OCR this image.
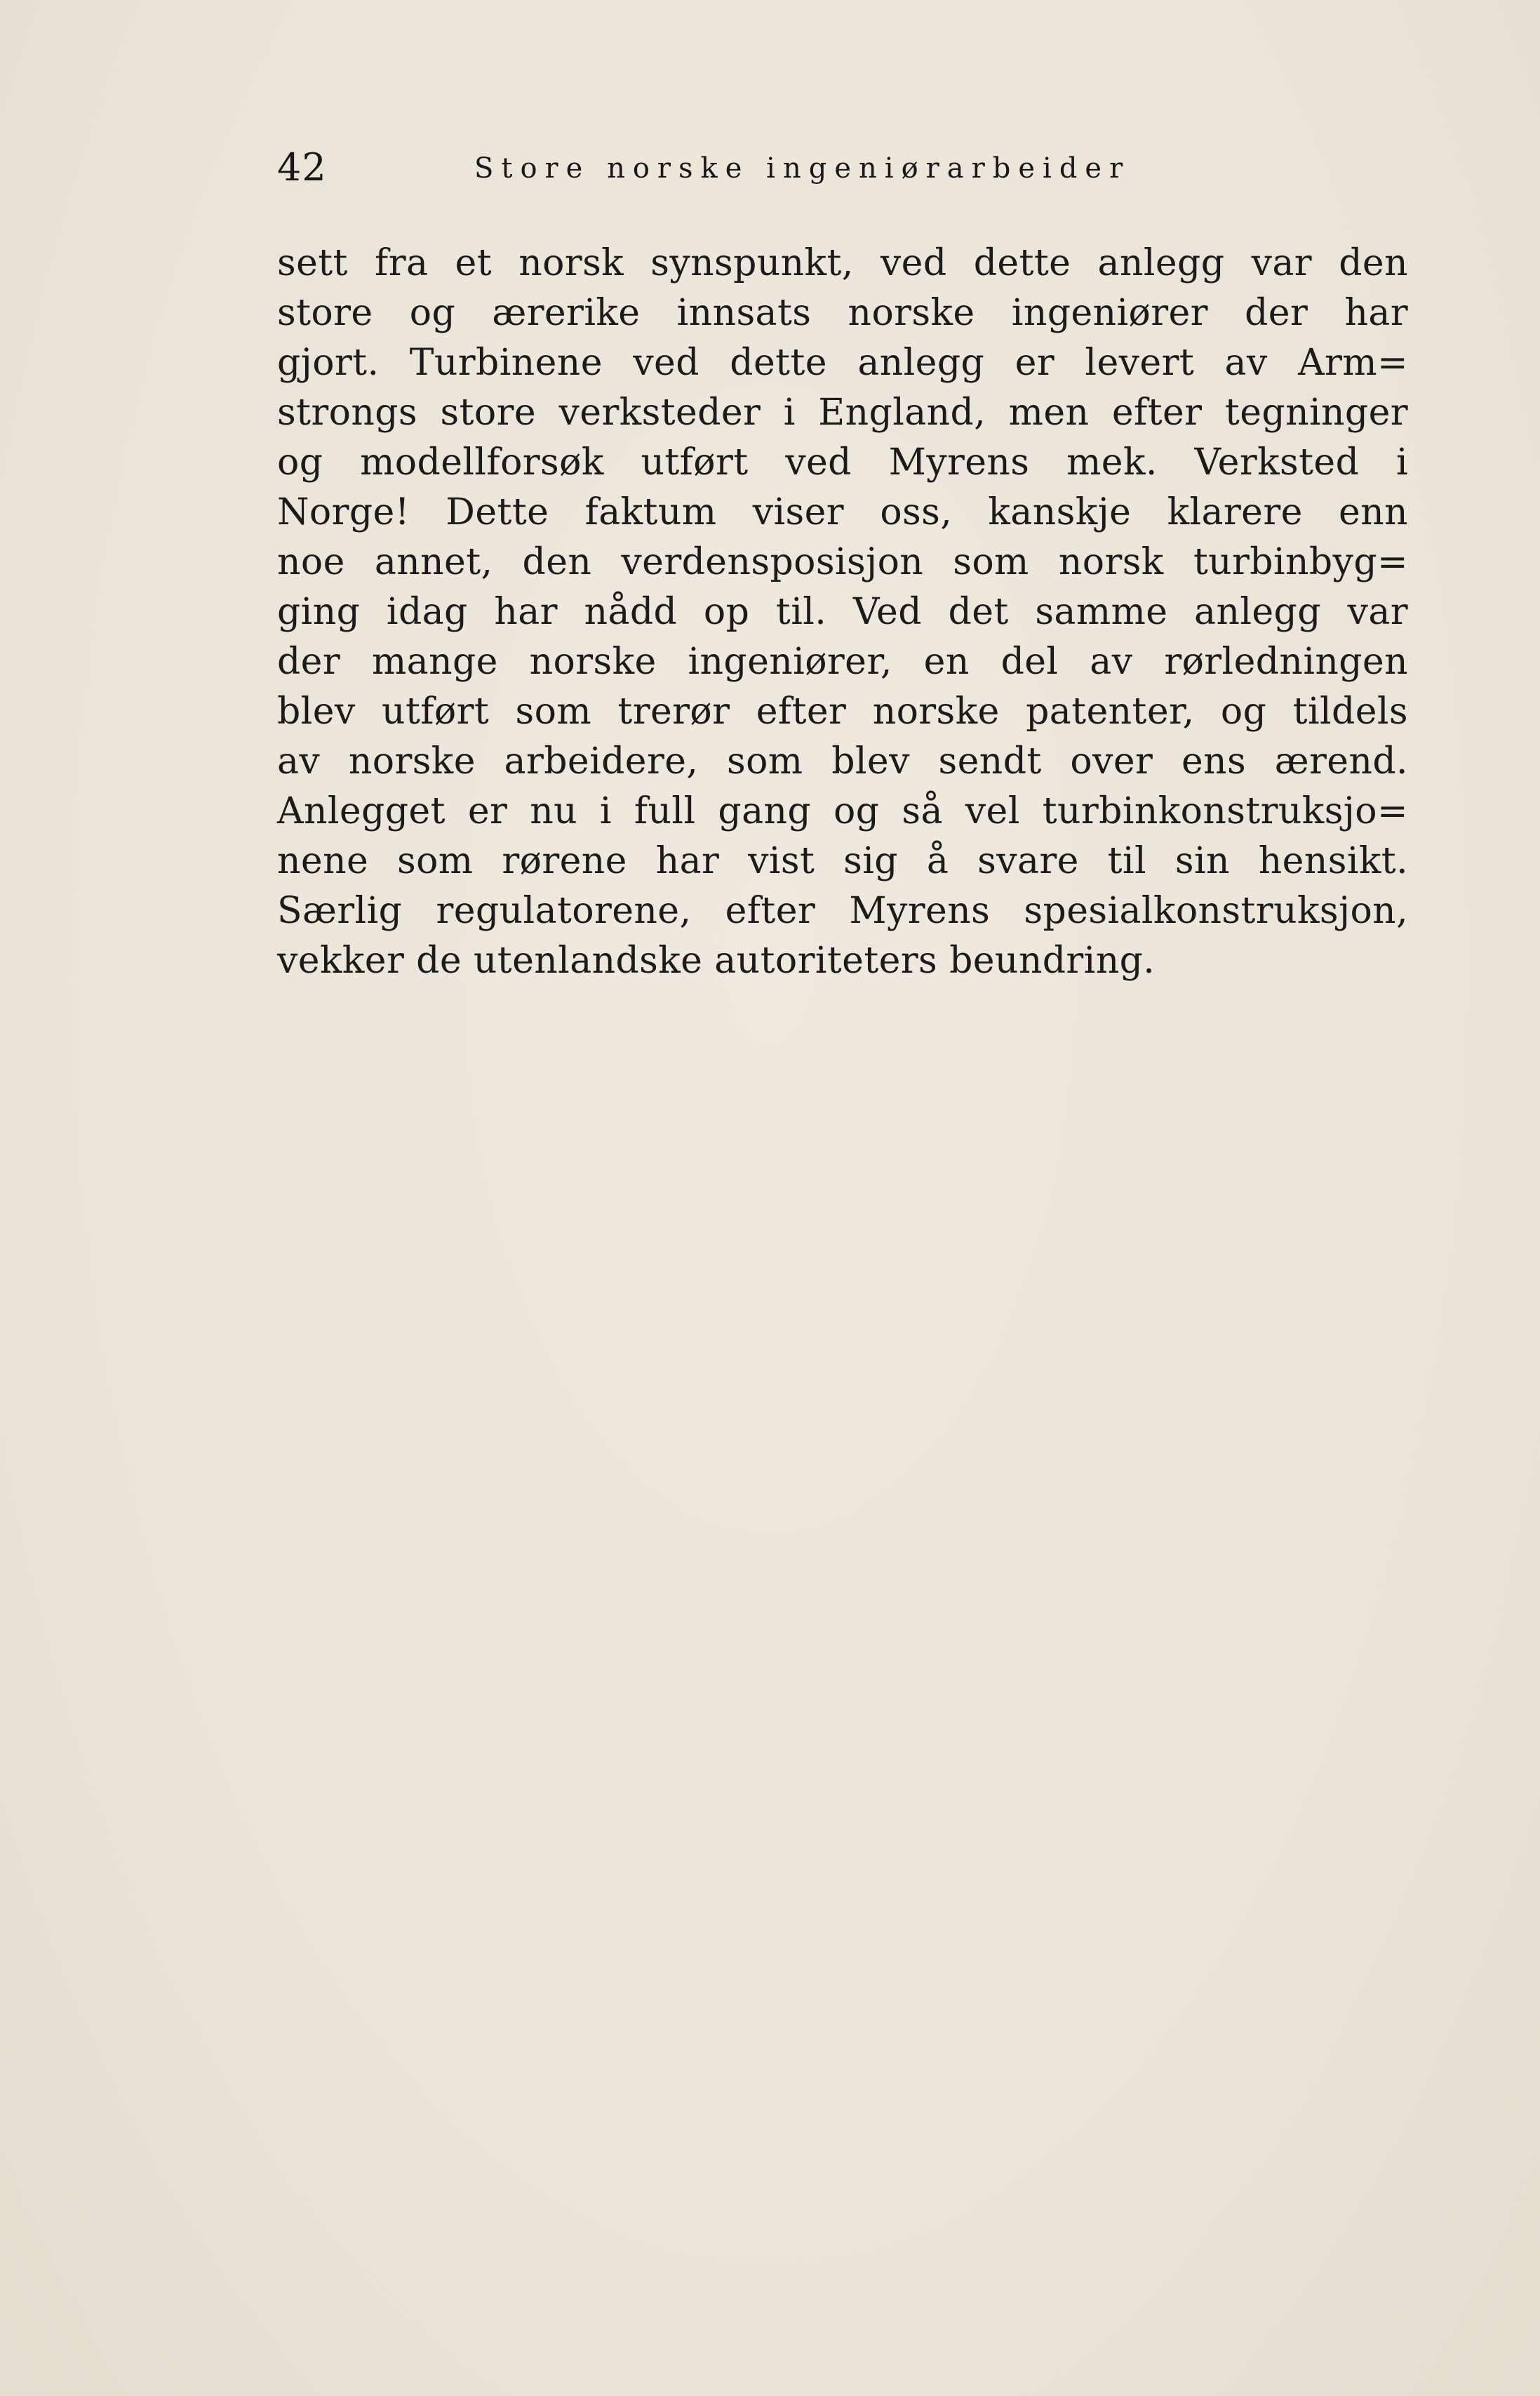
42	Store norske ingeniørarbeider
sett fra et norsk synspunkt, ved dette anlegg var den
store og ærerike innsats norske ingeniører der har
gjort. Turbinene ved dette anlegg er levert av Arm=
strongs store verksteder i England, men efter tegninger
og modellforsøk utført ved Myrens mek. Verksted i
Norge! Dette faktum viser oss, kanskje klarere enn
noe annet, den verdensposisjon som norsk turbinbyg=
ging idag har nådd op til. Ved det samme anlegg var
der mange norske ingeniører, en del av rørledningen
blev utført som trerør efter norske patenter, og tildels
av norske arbeidere, som blev sendt over ens ærend.
Anlegget er nu i full gang og så vel turbinkonstruksjo=
nene som rørene har vist sig å svare til sin hensikt.
Særlig regulatorene, efter Myrens spesialkonstruksjon,
vekker de utenlandske autoriteters beundring.
